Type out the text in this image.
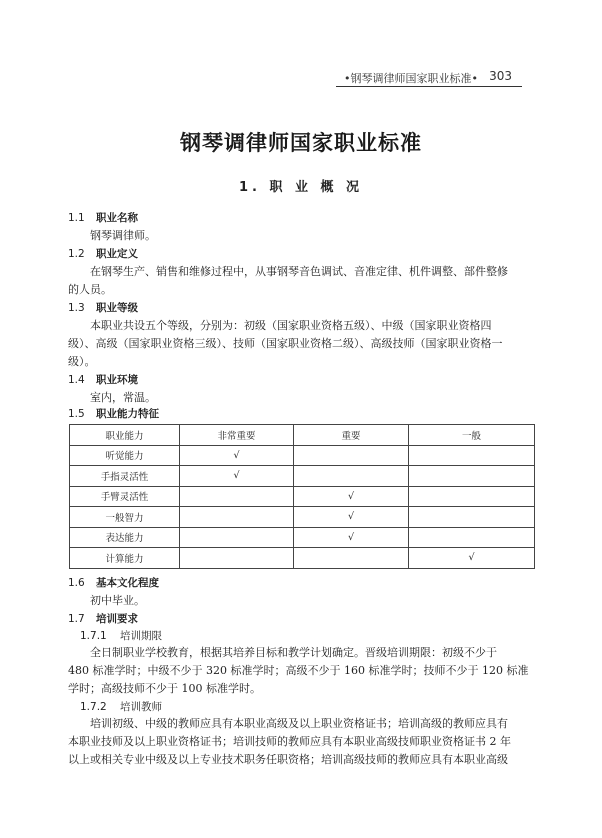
•钢琴调律师国家职业标准• 303
钢琴调律师国家职业标准
1. 职 业 概 况
1.1 职业名称
钢琴调律师。
1.2 职业定义
在钢琴生产、销售和维修过程中，从事钢琴音色调试、音准定律、机件调整、部件整修
的人员。
1.3 职业等级
本职业共设五个等级，分别为：初级（国家职业资格五级）、中级（国家职业资格四
级）、高级（国家职业资格三级）、技师（国家职业资格二级）、高级技师（国家职业资格一
级）。
1.4 职业环境
室内，常温。
1.5 职业能力特征
职业能力	非常重要	重要	一般
听觉能力	√		
手指灵活性	√		
手臂灵活性		√	
一般智力		√	
表达能力		√	
计算能力			√
1.6 基本文化程度
初中毕业。
1.7 培训要求
1.7.1 培训期限
全日制职业学校教育，根据其培养目标和教学计划确定。晋级培训期限：初级不少于
480 标准学时；中级不少于 320 标准学时；高级不少于 160 标准学时；技师不少于 120 标准
学时；高级技师不少于 100 标准学时。
1.7.2 培训教师
培训初级、中级的教师应具有本职业高级及以上职业资格证书；培训高级的教师应具有
本职业技师及以上职业资格证书；培训技师的教师应具有本职业高级技师职业资格证书 2 年
以上或相关专业中级及以上专业技术职务任职资格；培训高级技师的教师应具有本职业高级
